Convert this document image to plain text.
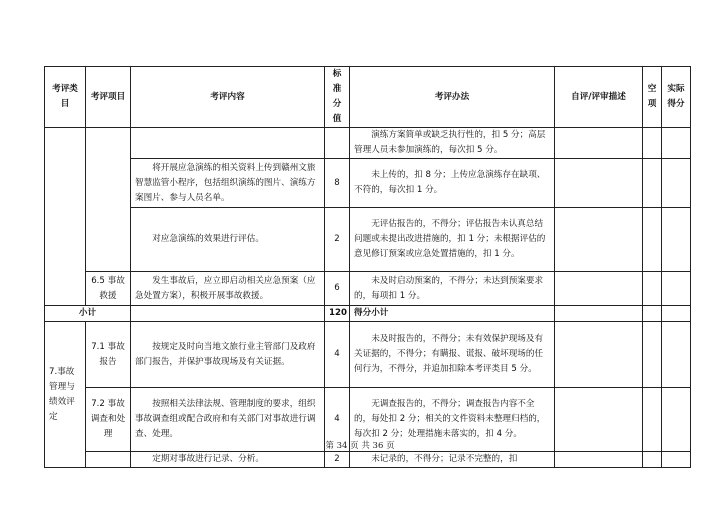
考评类目	考评项目	考评内容	标准分值	考评办法	自评/评审描述	空项	实际得分
				演练方案简单或缺乏执行性的，扣 5 分；高层管理人员未参加演练的，每次扣 5 分。			
		将开展应急演练的相关资料上传到赣州文旅智慧监管小程序，包括组织演练的图片、演练方案图片、参与人员名单。	8	未上传的，扣 8 分；上传应急演练存在缺项、不符的，每次扣 1 分。			
		对应急演练的效果进行评估。	2	无评估报告的，不得分；评估报告未认真总结问题或未提出改进措施的，扣 1 分；未根据评估的意见修订预案或应急处置措施的，扣 1 分。			
	6.5 事故救援	发生事故后，应立即启动相关应急预案（应急处置方案），积极开展事故救援。	6	未及时启动预案的，不得分；未达到预案要求的，每项扣 1 分。			
小计			120	得分小计			
7.事故管理与绩效评定	7.1 事故报告	按规定及时向当地文旅行业主管部门及政府部门报告，并保护事故现场及有关证据。	4	未及时报告的，不得分；未有效保护现场及有关证据的，不得分；有瞒报、谎报、破坏现场的任何行为，不得分，并追加扣除本考评类目 5 分。			
	7.2 事故调查和处理	按照相关法律法规、管理制度的要求，组织事故调查组或配合政府和有关部门对事故进行调查、处理。	4	无调查报告的，不得分；调查报告内容不全的，每处扣 2 分；相关的文件资料未整理归档的，每次扣 2 分；处理措施未落实的，扣 4 分。			
		定期对事故进行记录、分析。	2	未记录的，不得分；记录不完整的，扣			
第 34 页 共 36 页
